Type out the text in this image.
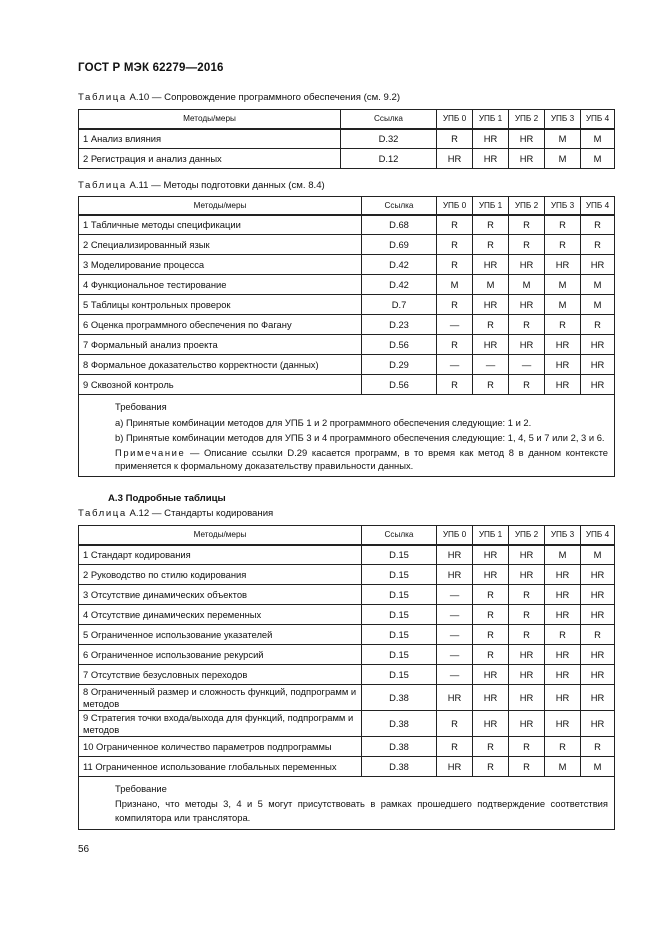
ГОСТ Р МЭК 62279—2016
Таблица А.10 — Сопровождение программного обеспечения (см. 9.2)
Методы/меры	Ссылка	УПБ 0	УПБ 1	УПБ 2	УПБ 3	УПБ 4
1 Анализ влияния	D.32	R	HR	HR	M	M
2 Регистрация и анализ данных	D.12	HR	HR	HR	M	M
Таблица А.11 — Методы подготовки данных (см. 8.4)
Методы/меры	Ссылка	УПБ 0	УПБ 1	УПБ 2	УПБ 3	УПБ 4
1 Табличные методы спецификации	D.68	R	R	R	R	R
2 Специализированный язык	D.69	R	R	R	R	R
3 Моделирование процесса	D.42	R	HR	HR	HR	HR
4 Функциональное тестирование	D.42	M	M	M	M	M
5 Таблицы контрольных проверок	D.7	R	HR	HR	M	M
6 Оценка программного обеспечения по Фагану	D.23	—	R	R	R	R
7 Формальный анализ проекта	D.56	R	HR	HR	HR	HR
8 Формальное доказательство корректности (данных)	D.29	—	—	—	HR	HR
9 Сквозной контроль	D.56	R	R	R	HR	HR

Требования
а) Принятые комбинации методов для УПБ 1 и 2 программного обеспечения следующие: 1 и 2.
b) Принятые комбинации методов для УПБ 3 и 4 программного обеспечения следующие: 1, 4, 5 и 7 или 2, 3 и 6.
Примечание — Описание ссылки D.29 касается программ, в то время как метод 8 в данном контексте применяется к формальному доказательству правильности данных.						
А.3 Подробные таблицы
Таблица А.12 — Стандарты кодирования
Методы/меры	Ссылка	УПБ 0	УПБ 1	УПБ 2	УПБ 3	УПБ 4
1 Стандарт кодирования	D.15	HR	HR	HR	M	M
2 Руководство по стилю кодирования	D.15	HR	HR	HR	HR	HR
3 Отсутствие динамических объектов	D.15	—	R	R	HR	HR
4 Отсутствие динамических переменных	D.15	—	R	R	HR	HR
5 Ограниченное использование указателей	D.15	—	R	R	R	R
6 Ограниченное использование рекурсий	D.15	—	R	HR	HR	HR
7 Отсутствие безусловных переходов	D.15	—	HR	HR	HR	HR
8 Ограниченный размер и сложность функций, подпрограмм и методов	D.38	HR	HR	HR	HR	HR
9 Стратегия точки входа/выхода для функций, подпрограмм и методов	D.38	R	HR	HR	HR	HR
10 Ограниченное количество параметров подпрограммы	D.38	R	R	R	R	R
11 Ограниченное использование глобальных переменных	D.38	HR	R	R	M	M

Требование
Признано, что методы 3, 4 и 5 могут присутствовать в рамках прошедшего подтверждение соответствия компилятора или транслятора.						
56
